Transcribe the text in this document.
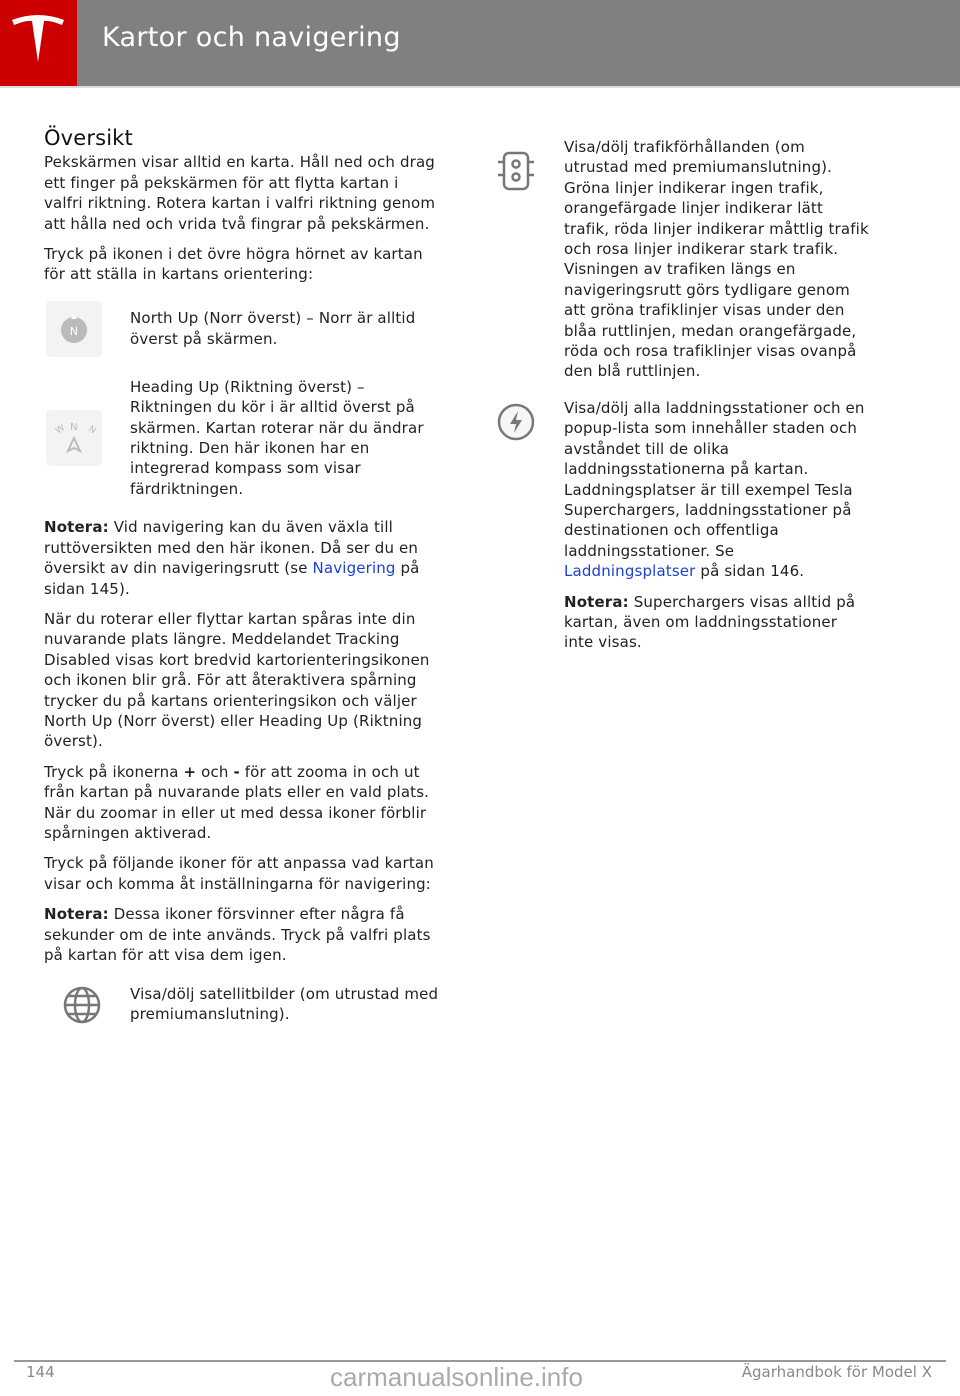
Kartor och navigering
Översikt

Pekskärmen visar alltid en karta. Håll ned och drag ett finger på pekskärmen för att flytta kartan i valfri riktning. Rotera kartan i valfri riktning genom att hålla ned och vrida två fingrar på pekskärmen.

Tryck på ikonen i det övre högra hörnet av kartan för att ställa in kartans orientering:

N
North Up (Norr överst) – Norr är alltid överst på skärmen.
N
W N
Heading Up (Riktning överst) – Riktningen du kör i är alltid överst på skärmen. Kartan roterar när du ändrar riktning. Den här ikonen har en integrerad kompass som visar färdriktningen.

Notera: Vid navigering kan du även växla till ruttöversikten med den här ikonen. Då ser du en översikt av din navigeringsrutt (se Navigering på sidan 145).

När du roterar eller flyttar kartan spåras inte din nuvarande plats längre. Meddelandet Tracking Disabled visas kort bredvid kartorienteringsikonen och ikonen blir grå. För att återaktivera spårning trycker du på kartans orienteringsikon och väljer North Up (Norr överst) eller Heading Up (Riktning överst).

Tryck på ikonerna + och - för att zooma in och ut från kartan på nuvarande plats eller en vald plats. När du zoomar in eller ut med dessa ikoner förblir spårningen aktiverad.

Tryck på följande ikoner för att anpassa vad kartan visar och komma åt inställningarna för navigering:

Notera: Dessa ikoner försvinner efter några få sekunder om de inte används. Tryck på valfri plats på kartan för att visa dem igen.

Visa/dölj satellitbilder (om utrustad med premiumanslutning).

Visa/dölj trafikförhållanden (om utrustad med premiumanslutning). Gröna linjer indikerar ingen trafik, orangefärgade linjer indikerar lätt trafik, röda linjer indikerar måttlig trafik och rosa linjer indikerar stark trafik. Visningen av trafiken längs en navigeringsrutt görs tydligare genom att gröna trafiklinjer visas under den blåa ruttlinjen, medan orangefärgade, röda och rosa trafiklinjer visas ovanpå den blå ruttlinjen.

Visa/dölj alla laddningsstationer och en popup-lista som innehåller staden och avståndet till de olika laddningsstationerna på kartan. Laddningsplatser är till exempel Tesla Superchargers, laddningsstationer på destinationen och offentliga laddningsstationer. Se Laddningsplatser på sidan 146.

Notera: Superchargers visas alltid på kartan, även om laddningsstationer inte visas.

144	carmanualsonline.info	Ägarhandbok för Model X
